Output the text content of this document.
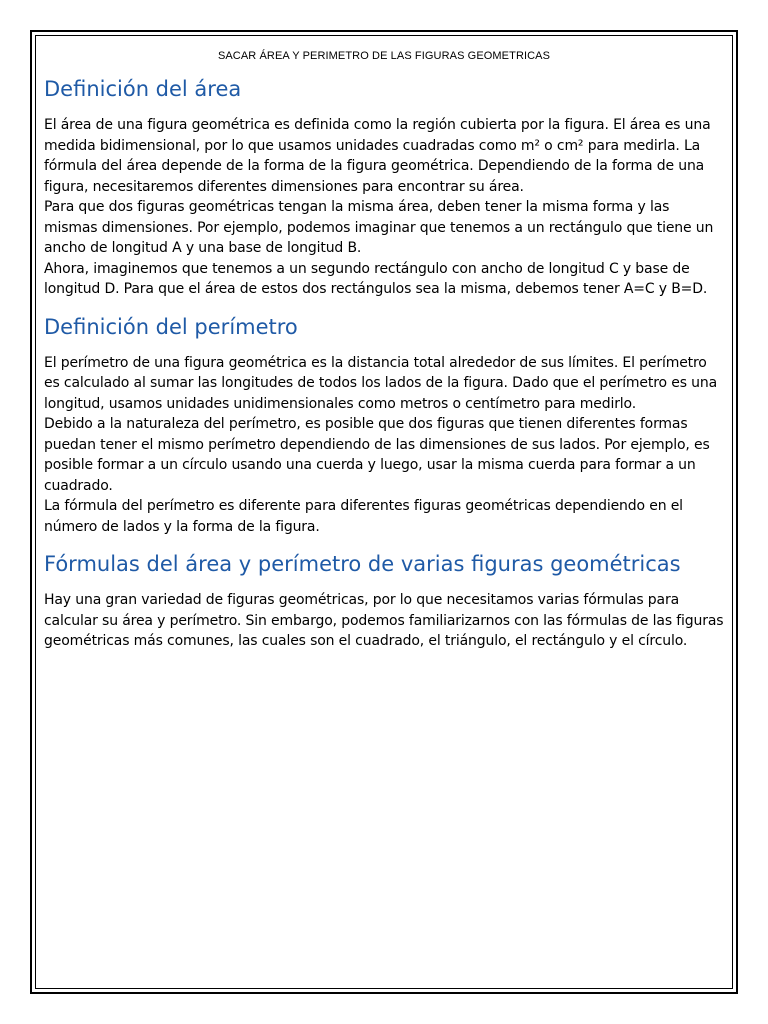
SACAR ÁREA Y PERIMETRO DE LAS FIGURAS GEOMETRICAS
Definición del área

El área de una figura geométrica es definida como la región cubierta por la figura. El área es una medida bidimensional, por lo que usamos unidades cuadradas como m² o cm² para medirla. La fórmula del área depende de la forma de la figura geométrica. Dependiendo de la forma de una figura, necesitaremos diferentes dimensiones para encontrar su área.

Para que dos figuras geométricas tengan la misma área, deben tener la misma forma y las mismas dimensiones. Por ejemplo, podemos imaginar que tenemos a un rectángulo que tiene un ancho de longitud A y una base de longitud B.

Ahora, imaginemos que tenemos a un segundo rectángulo con ancho de longitud C y base de longitud D. Para que el área de estos dos rectángulos sea la misma, debemos tener A=C y B=D.

Definición del perímetro

El perímetro de una figura geométrica es la distancia total alrededor de sus límites. El perímetro es calculado al sumar las longitudes de todos los lados de la figura. Dado que el perímetro es una longitud, usamos unidades unidimensionales como metros o centímetro para medirlo.

Debido a la naturaleza del perímetro, es posible que dos figuras que tienen diferentes formas puedan tener el mismo perímetro dependiendo de las dimensiones de sus lados. Por ejemplo, es posible formar a un círculo usando una cuerda y luego, usar la misma cuerda para formar a un cuadrado.

La fórmula del perímetro es diferente para diferentes figuras geométricas dependiendo en el número de lados y la forma de la figura.

Fórmulas del área y perímetro de varias figuras geométricas

Hay una gran variedad de figuras geométricas, por lo que necesitamos varias fórmulas para calcular su área y perímetro. Sin embargo, podemos familiarizarnos con las fórmulas de las figuras geométricas más comunes, las cuales son el cuadrado, el triángulo, el rectángulo y el círculo.
